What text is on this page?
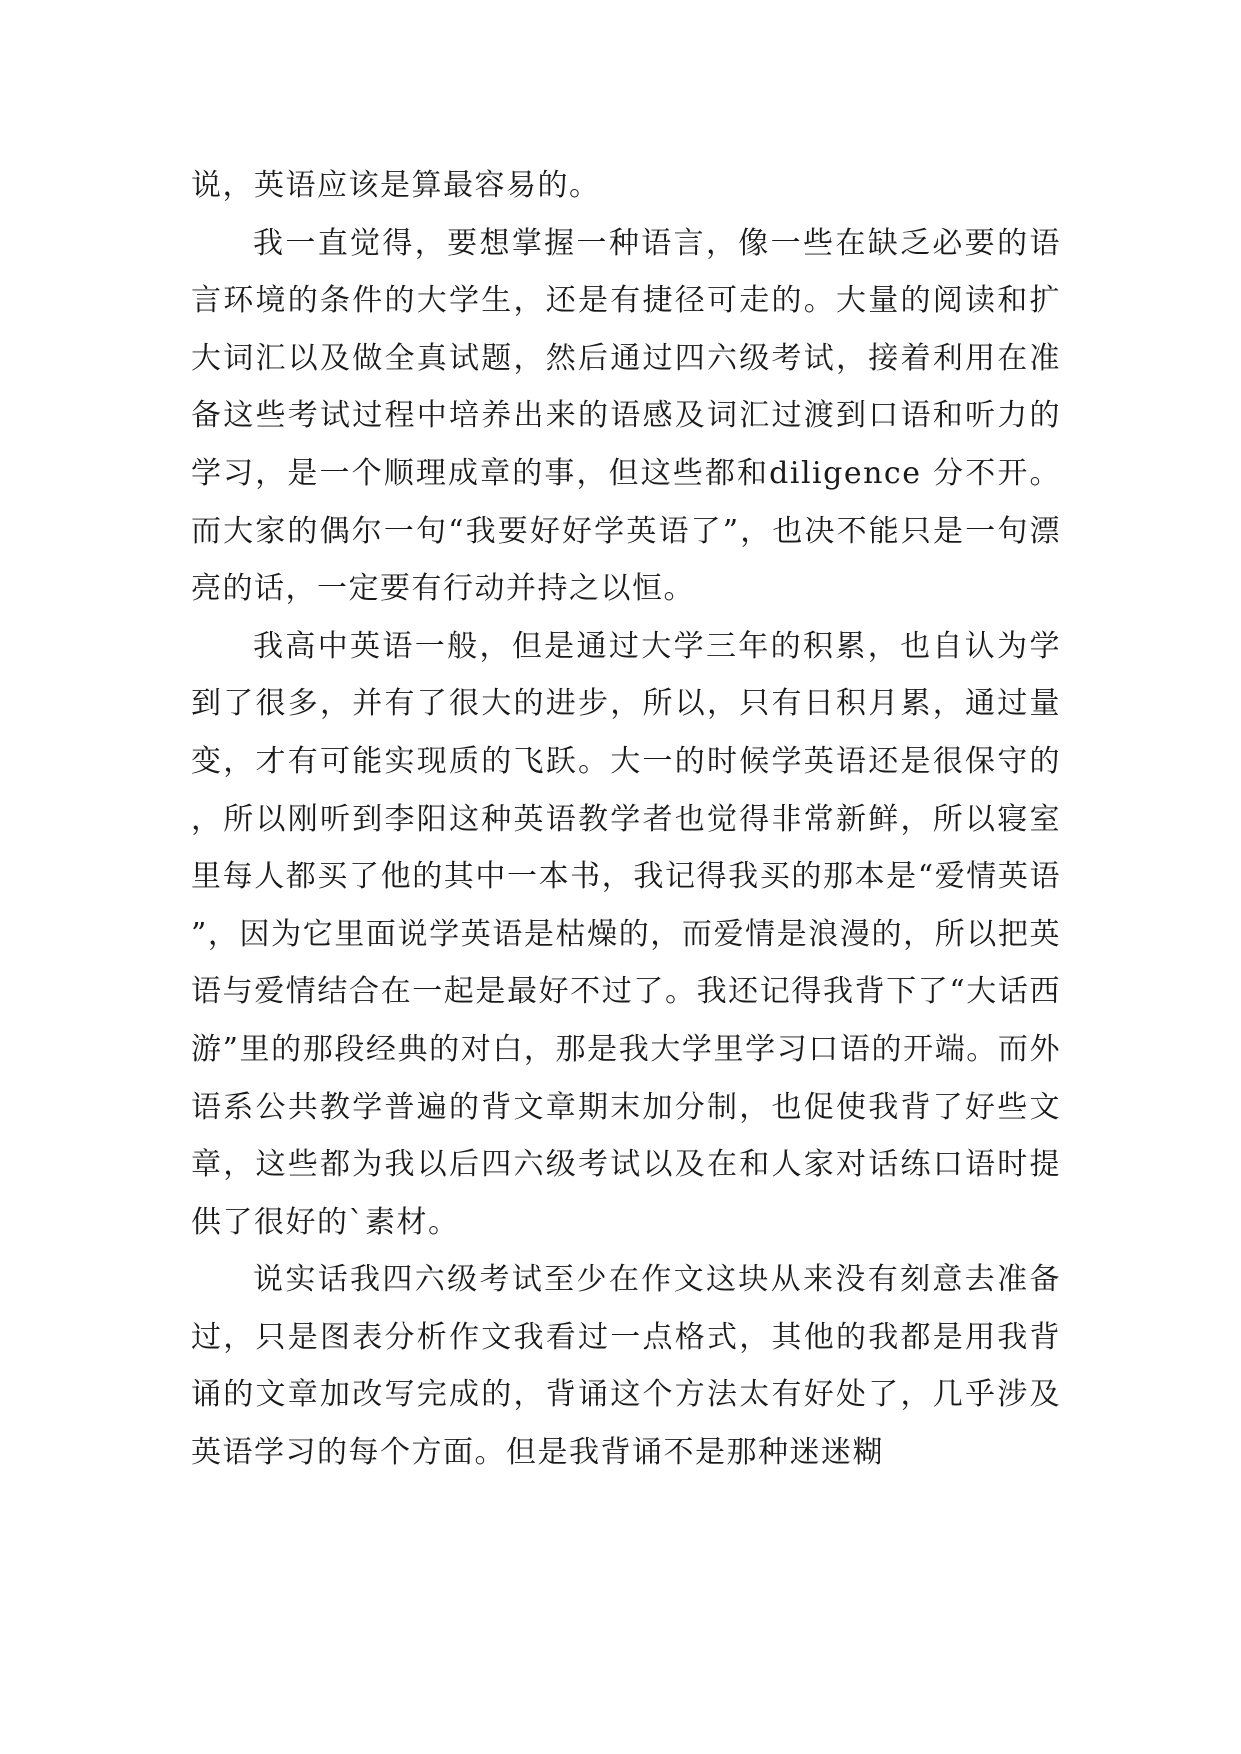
说，英语应该是算最容易的。

我一直觉得，要想掌握一种语言，像一些在缺乏必要的语言环境的条件的大学生，还是有捷径可走的。大量的阅读和扩大词汇以及做全真试题，然后通过四六级考试，接着利用在准备这些考试过程中培养出来的语感及词汇过渡到口语和听力的学习，是一个顺理成章的事，但这些都和diligence 分不开。而大家的偶尔一句“我要好好学英语了”，也决不能只是一句漂亮的话，一定要有行动并持之以恒。

我高中英语一般，但是通过大学三年的积累，也自认为学到了很多，并有了很大的进步，所以，只有日积月累，通过量变，才有可能实现质的飞跃。大一的时候学英语还是很保守的，所以刚听到李阳这种英语教学者也觉得非常新鲜，所以寝室里每人都买了他的其中一本书，我记得我买的那本是“爱情英语”，因为它里面说学英语是枯燥的，而爱情是浪漫的，所以把英语与爱情结合在一起是最好不过了。我还记得我背下了“大话西游”里的那段经典的对白，那是我大学里学习口语的开端。而外语系公共教学普遍的背文章期末加分制，也促使我背了好些文章，这些都为我以后四六级考试以及在和人家对话练口语时提供了很好的`素材。

说实话我四六级考试至少在作文这块从来没有刻意去准备过，只是图表分析作文我看过一点格式，其他的我都是用我背诵的文章加改写完成的，背诵这个方法太有好处了，几乎涉及英语学习的每个方面。但是我背诵不是那种迷迷糊
